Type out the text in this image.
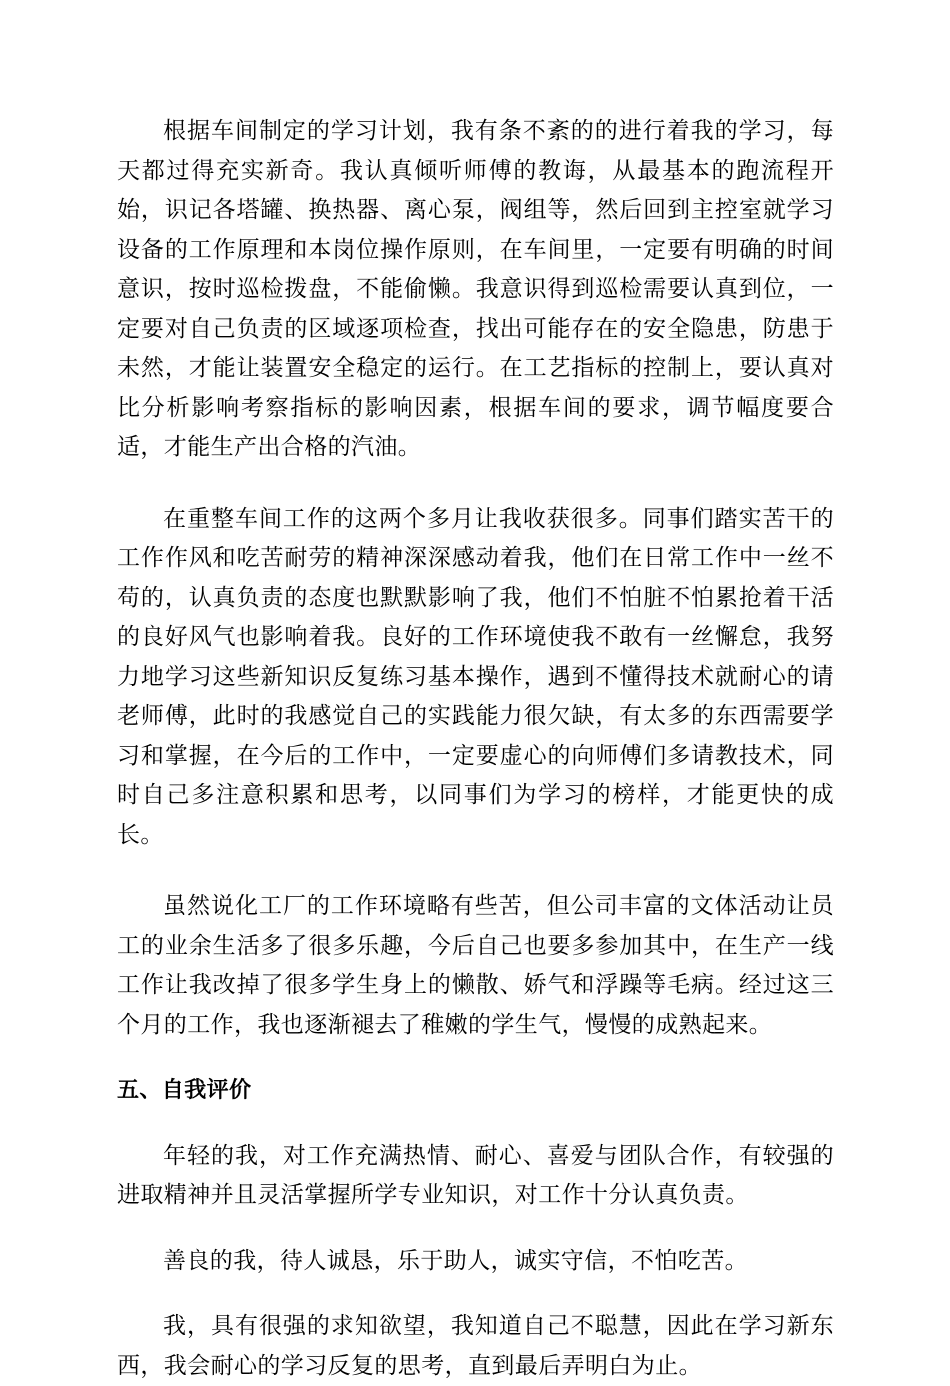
根据车间制定的学习计划，我有条不紊的的进行着我的学习，每天都过得充实新奇。我认真倾听师傅的教诲，从最基本的跑流程开始，识记各塔罐、换热器、离心泵，阀组等，然后回到主控室就学习设备的工作原理和本岗位操作原则，在车间里，一定要有明确的时间意识，按时巡检拨盘，不能偷懒。我意识得到巡检需要认真到位，一定要对自己负责的区域逐项检查，找出可能存在的安全隐患，防患于未然，才能让装置安全稳定的运行。在工艺指标的控制上，要认真对比分析影响考察指标的影响因素，根据车间的要求，调节幅度要合适，才能生产出合格的汽油。

在重整车间工作的这两个多月让我收获很多。同事们踏实苦干的工作作风和吃苦耐劳的精神深深感动着我，他们在日常工作中一丝不苟的，认真负责的态度也默默影响了我，他们不怕脏不怕累抢着干活的良好风气也影响着我。良好的工作环境使我不敢有一丝懈怠，我努力地学习这些新知识反复练习基本操作，遇到不懂得技术就耐心的请老师傅，此时的我感觉自己的实践能力很欠缺，有太多的东西需要学习和掌握，在今后的工作中，一定要虚心的向师傅们多请教技术，同时自己多注意积累和思考，以同事们为学习的榜样，才能更快的成长。

虽然说化工厂的工作环境略有些苦，但公司丰富的文体活动让员工的业余生活多了很多乐趣，今后自己也要多参加其中，在生产一线工作让我改掉了很多学生身上的懒散、娇气和浮躁等毛病。经过这三个月的工作，我也逐渐褪去了稚嫩的学生气，慢慢的成熟起来。

五、自我评价

年轻的我，对工作充满热情、耐心、喜爱与团队合作，有较强的进取精神并且灵活掌握所学专业知识，对工作十分认真负责。

善良的我，待人诚恳，乐于助人，诚实守信，不怕吃苦。

我，具有很强的求知欲望，我知道自己不聪慧，因此在学习新东西，我会耐心的学习反复的思考，直到最后弄明白为止。
